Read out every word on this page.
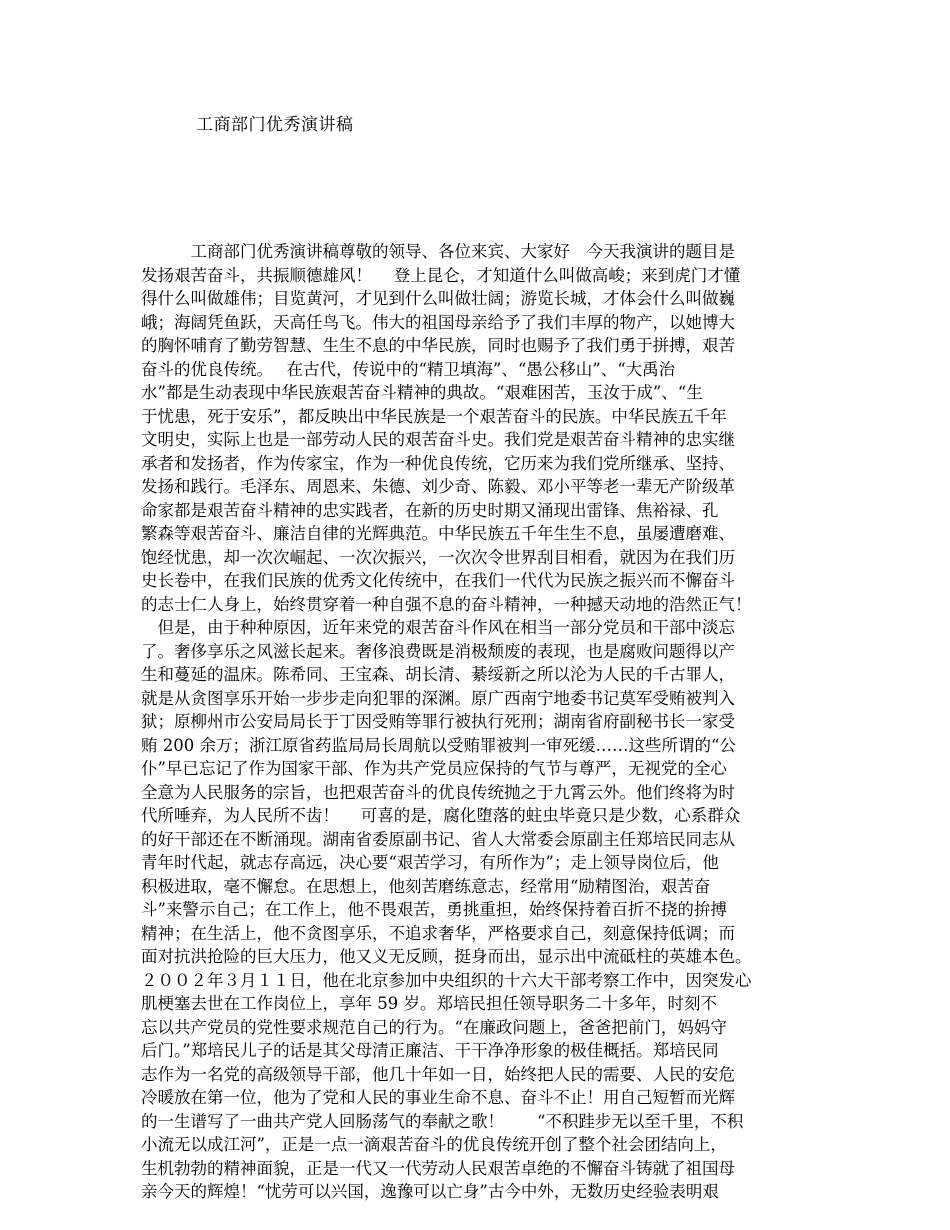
工商部门优秀演讲稿
　　　工商部门优秀演讲稿尊敬的领导、各位来宾、大家好　今天我演讲的题目是
发扬艰苦奋斗，共振顺德雄风！　 登上昆仑，才知道什么叫做高峻；来到虎门才懂
得什么叫做雄伟；目览黄河，才见到什么叫做壮阔；游览长城，才体会什么叫做巍
峨；海阔凭鱼跃，天高任鸟飞。伟大的祖国母亲给予了我们丰厚的物产，以她博大
的胸怀哺育了勤劳智慧、生生不息的中华民族，同时也赐予了我们勇于拼搏，艰苦
奋斗的优良传统。　 在古代，传说中的“精卫填海”、“愚公移山”、“大禹治
水”都是生动表现中华民族艰苦奋斗精神的典故。“艰难困苦，玉汝于成”、“生
于忧患，死于安乐”，都反映出中华民族是一个艰苦奋斗的民族。中华民族五千年
文明史，实际上也是一部劳动人民的艰苦奋斗史。我们党是艰苦奋斗精神的忠实继
承者和发扬者，作为传家宝，作为一种优良传统，它历来为我们党所继承、坚持、
发扬和践行。毛泽东、周恩来、朱德、刘少奇、陈毅、邓小平等老一辈无产阶级革
命家都是艰苦奋斗精神的忠实践者，在新的历史时期又涌现出雷锋、焦裕禄、孔
繁森等艰苦奋斗、廉洁自律的光辉典范。中华民族五千年生生不息，虽屡遭磨难、
饱经忧患，却一次次崛起、一次次振兴，一次次令世界刮目相看，就因为在我们历
史长卷中，在我们民族的优秀文化传统中，在我们一代代为民族之振兴而不懈奋斗
的志士仁人身上，始终贯穿着一种自强不息的奋斗精神，一种撼天动地的浩然正气！
　但是，由于种种原因，近年来党的艰苦奋斗作风在相当一部分党员和干部中淡忘
了。奢侈享乐之风滋长起来。奢侈浪费既是消极颓废的表现，也是腐败问题得以产
生和蔓延的温床。陈希同、王宝森、胡长清、綦绥新之所以沦为人民的千古罪人，
就是从贪图享乐开始一步步走向犯罪的深渊。原广西南宁地委书记莫军受贿被判入
狱；原柳州市公安局局长于丁因受贿等罪行被执行死刑；湖南省府副秘书长一家受
贿 200 余万；浙江原省药监局局长周航以受贿罪被判一审死缓……这些所谓的“公
仆”早已忘记了作为国家干部、作为共产党员应保持的气节与尊严，无视党的全心
全意为人民服务的宗旨，也把艰苦奋斗的优良传统抛之于九霄云外。他们终将为时
代所唾弃，为人民所不齿！　 可喜的是，腐化堕落的蛀虫毕竟只是少数，心系群众
的好干部还在不断涌现。湖南省委原副书记、省人大常委会原副主任郑培民同志从
青年时代起，就志存高远，决心要“艰苦学习，有所作为”；走上领导岗位后，他
积极进取，毫不懈怠。在思想上，他刻苦磨练意志，经常用“励精图治，艰苦奋
斗”来警示自己；在工作上，他不畏艰苦，勇挑重担，始终保持着百折不挠的拚搏
精神；在生活上，他不贪图享乐，不追求奢华，严格要求自己，刻意保持低调；而
面对抗洪抢险的巨大压力，他又义无反顾，挺身而出，显示出中流砥柱的英雄本色。
２００２年３月１１日，他在北京参加中央组织的十六大干部考察工作中，因突发心
肌梗塞去世在工作岗位上，享年 59 岁。郑培民担任领导职务二十多年，时刻不
忘以共产党员的党性要求规范自己的行为。“在廉政问题上，爸爸把前门，妈妈守
后门。”郑培民儿子的话是其父母清正廉洁、干干净净形象的极佳概括。郑培民同
志作为一名党的高级领导干部，他几十年如一日，始终把人民的需要、人民的安危
冷暖放在第一位，他为了党和人民的事业生命不息、奋斗不止！用自己短暂而光辉
的一生谱写了一曲共产党人回肠荡气的奉献之歌！　　“不积跬步无以至千里，不积
小流无以成江河”，正是一点一滴艰苦奋斗的优良传统开创了整个社会团结向上，
生机勃勃的精神面貌，正是一代又一代劳动人民艰苦卓绝的不懈奋斗铸就了祖国母
亲今天的辉煌！“忧劳可以兴国，逸豫可以亡身”古今中外，无数历史经验表明艰
